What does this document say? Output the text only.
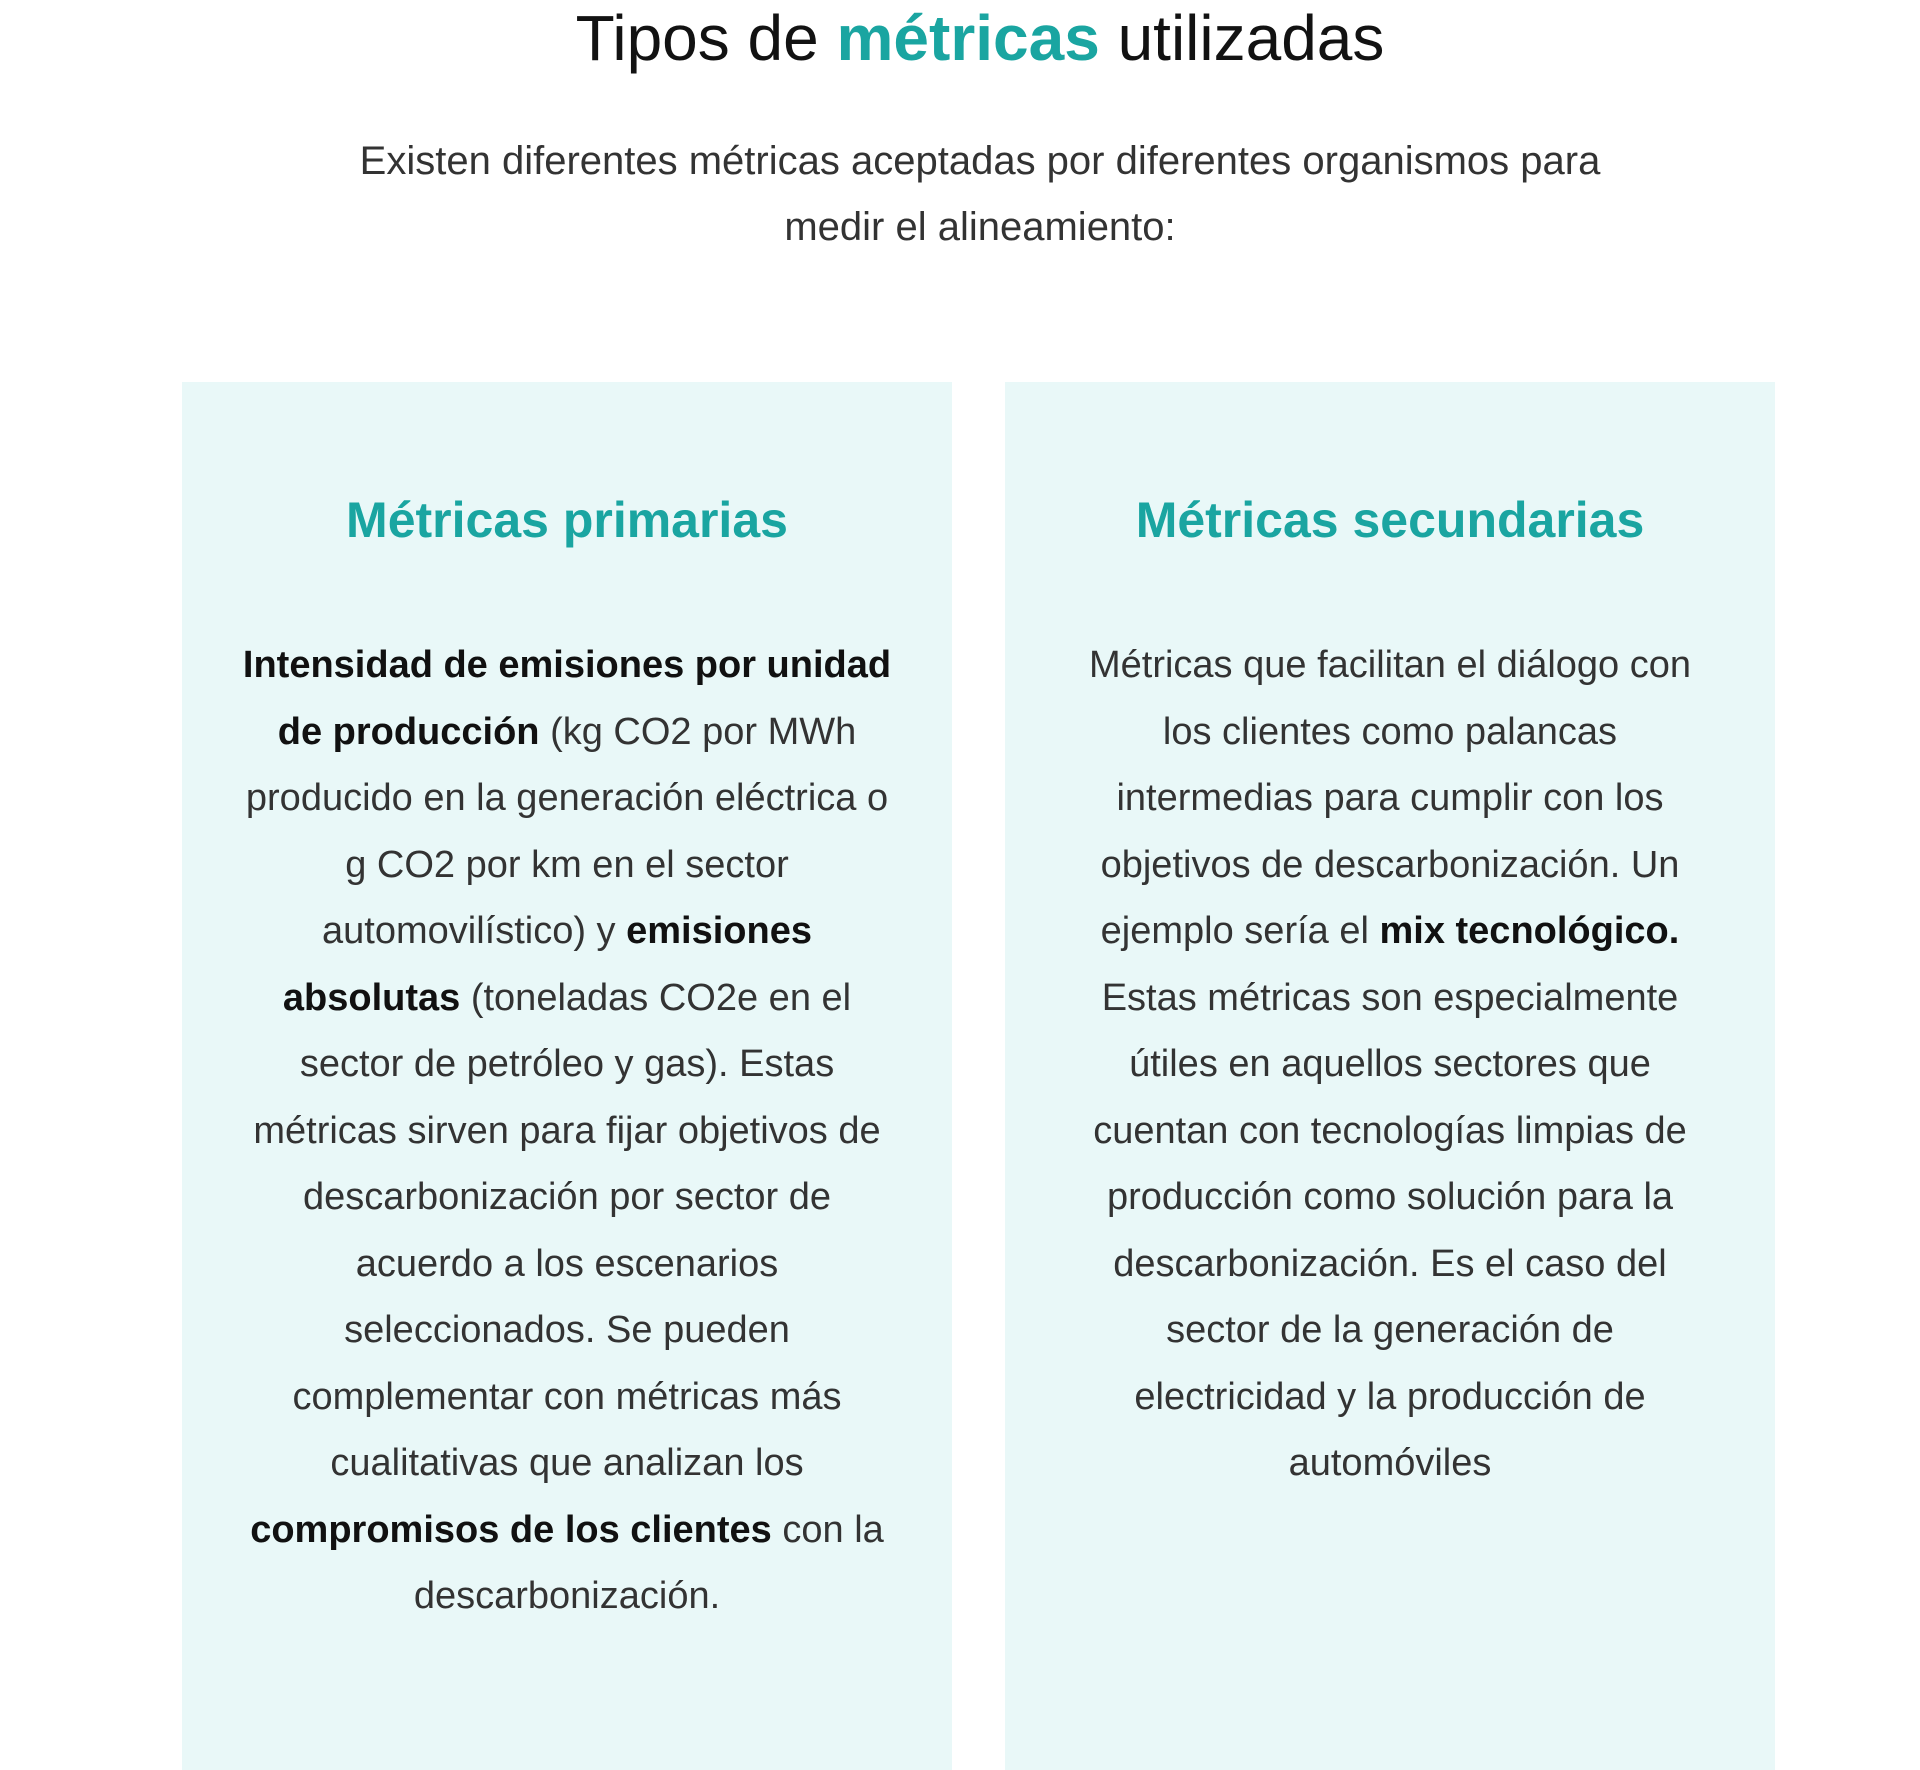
Tipos de métricas utilizadas

Existen diferentes métricas aceptadas por diferentes organismos para medir el alineamiento:

Métricas primarias

Intensidad de emisiones por unidad de producción (kg CO2 por MWh producido en la generación eléctrica o g CO2 por km en el sector automovilístico) y emisiones absolutas (toneladas CO2e en el sector de petróleo y gas). Estas métricas sirven para fijar objetivos de descarbonización por sector de acuerdo a los escenarios seleccionados. Se pueden complementar con métricas más cualitativas que analizan los compromisos de los clientes con la descarbonización.

Métricas secundarias

Métricas que facilitan el diálogo con los clientes como palancas intermedias para cumplir con los objetivos de descarbonización. Un ejemplo sería el mix tecnológico. Estas métricas son especialmente útiles en aquellos sectores que cuentan con tecnologías limpias de producción como solución para la descarbonización. Es el caso del sector de la generación de electricidad y la producción de automóviles
